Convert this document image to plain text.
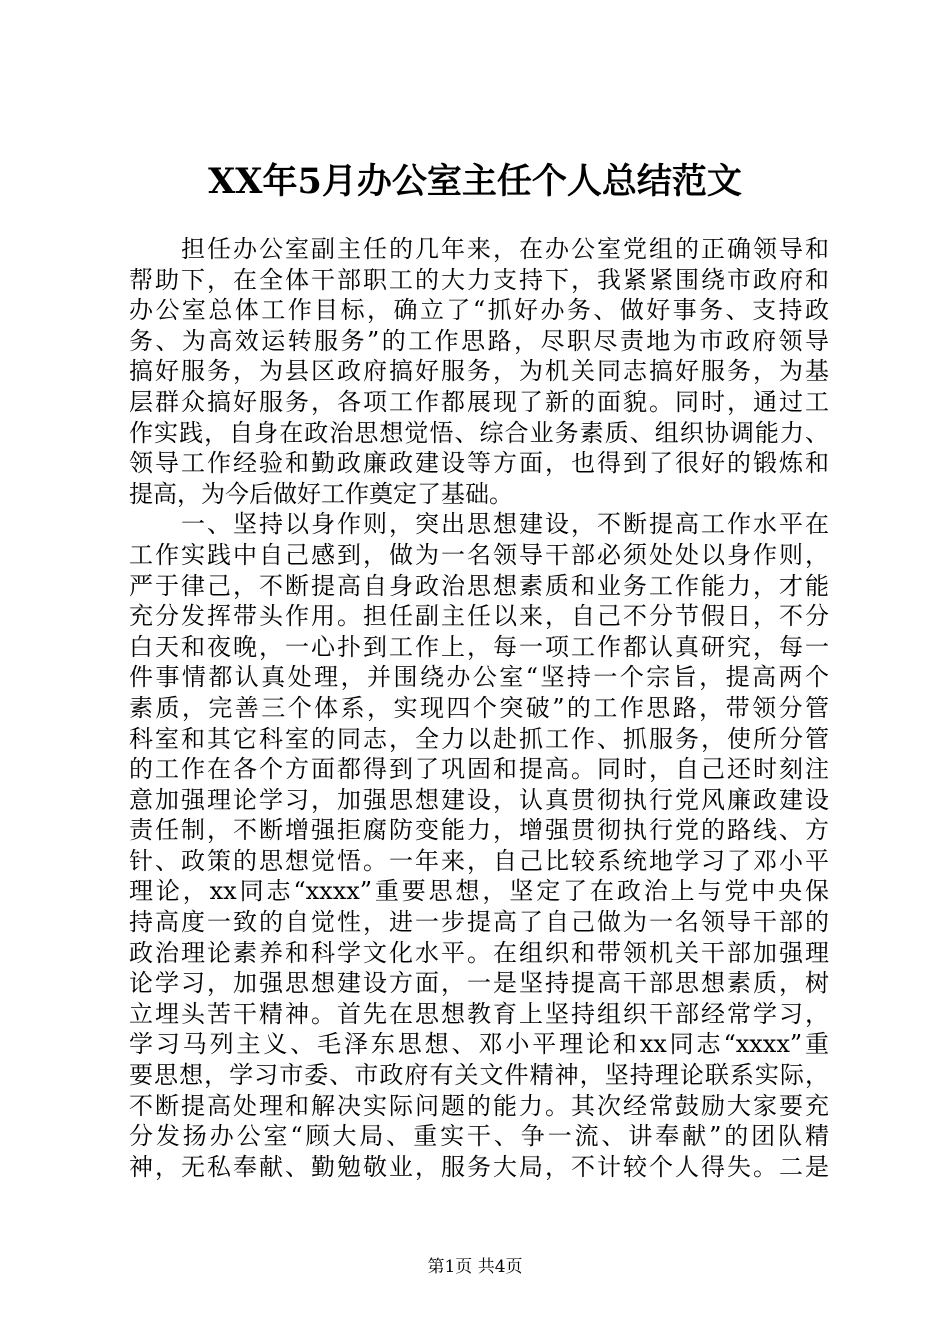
XX年5月办公室主任个人总结范文
　　担任办公室副主任的几年来，在办公室党组的正确领导和
帮助下，在全体干部职工的大力支持下，我紧紧围绕市政府和
办公室总体工作目标，确立了“抓好办务、做好事务、支持政
务、为高效运转服务”的工作思路，尽职尽责地为市政府领导
搞好服务，为县区政府搞好服务，为机关同志搞好服务，为基
层群众搞好服务，各项工作都展现了新的面貌。同时，通过工
作实践，自身在政治思想觉悟、综合业务素质、组织协调能力、
领导工作经验和勤政廉政建设等方面，也得到了很好的锻炼和
提高，为今后做好工作奠定了基础。
　　一、坚持以身作则，突出思想建设，不断提高工作水平在
工作实践中自己感到，做为一名领导干部必须处处以身作则，
严于律己，不断提高自身政治思想素质和业务工作能力，才能
充分发挥带头作用。担任副主任以来，自己不分节假日，不分
白天和夜晚，一心扑到工作上，每一项工作都认真研究，每一
件事情都认真处理，并围绕办公室“坚持一个宗旨，提高两个
素质，完善三个体系，实现四个突破”的工作思路，带领分管
科室和其它科室的同志，全力以赴抓工作、抓服务，使所分管
的工作在各个方面都得到了巩固和提高。同时，自己还时刻注
意加强理论学习，加强思想建设，认真贯彻执行党风廉政建设
责任制，不断增强拒腐防变能力，增强贯彻执行党的路线、方
针、政策的思想觉悟。一年来，自己比较系统地学习了邓小平
理论，xx同志“xxxx”重要思想，坚定了在政治上与党中央保
持高度一致的自觉性，进一步提高了自己做为一名领导干部的
政治理论素养和科学文化水平。在组织和带领机关干部加强理
论学习，加强思想建设方面，一是坚持提高干部思想素质，树
立埋头苦干精神。首先在思想教育上坚持组织干部经常学习，
学习马列主义、毛泽东思想、邓小平理论和xx同志“xxxx”重
要思想，学习市委、市政府有关文件精神，坚持理论联系实际，
不断提高处理和解决实际问题的能力。其次经常鼓励大家要充
分发扬办公室“顾大局、重实干、争一流、讲奉献”的团队精
神，无私奉献、勤勉敬业，服务大局，不计较个人得失。二是
第1页 共4页
